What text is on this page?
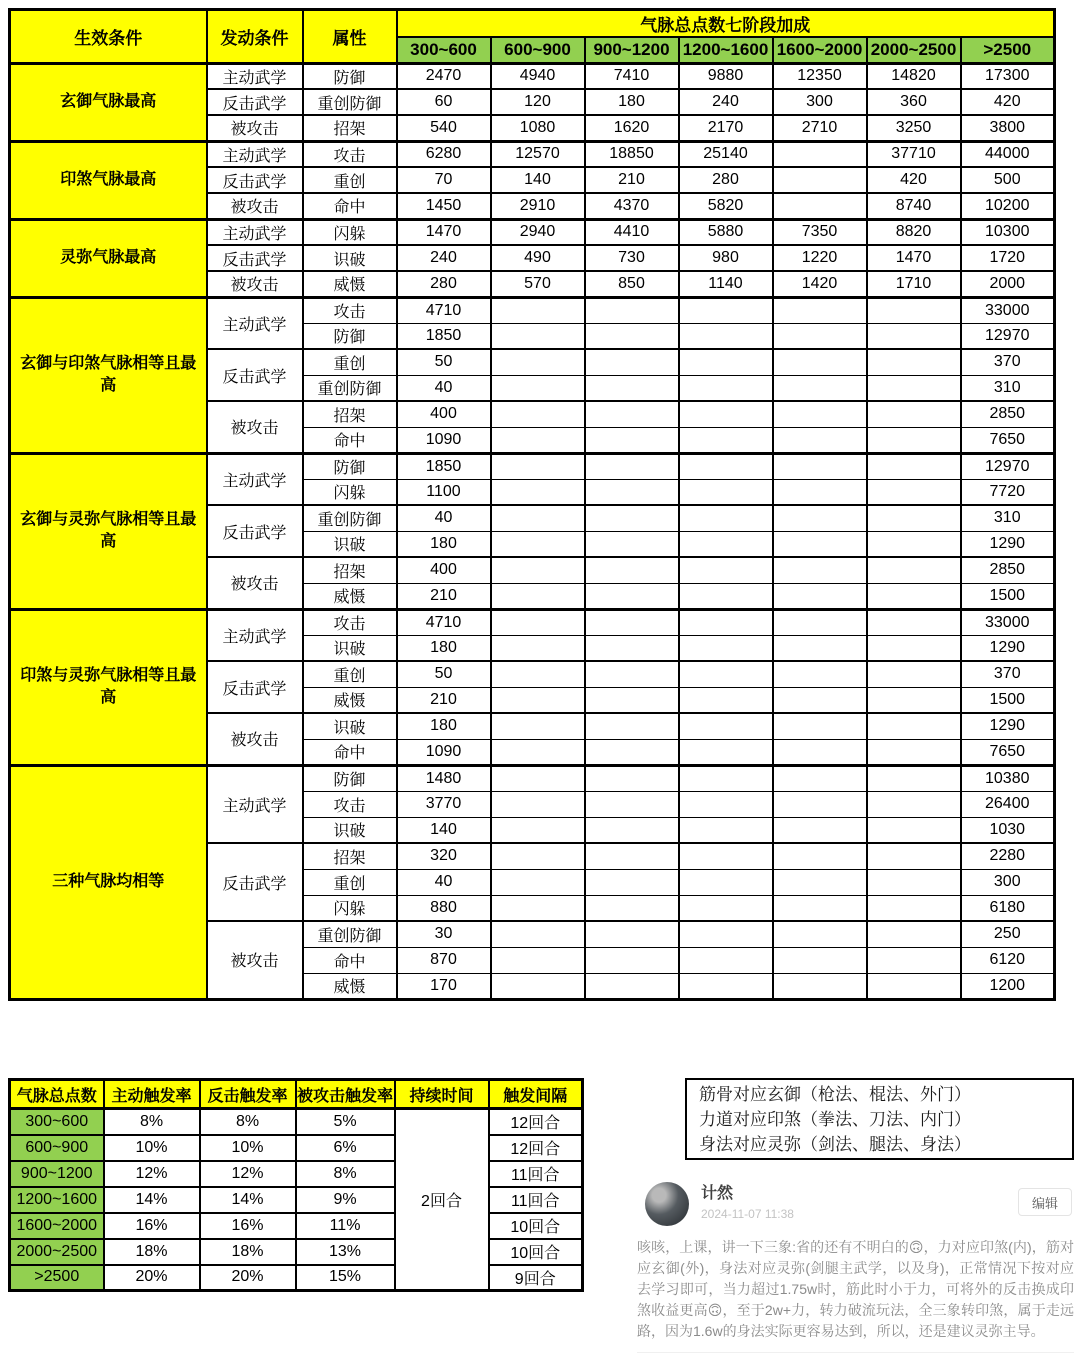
生效条件	发动条件	属性	气脉总点数七阶段加成						
			300~600	600~900	900~1200	1200~1600	1600~2000	2000~2500	>2500
玄御气脉最高	主动武学	防御	2470	4940	7410	9880	12350	14820	17300
	反击武学	重创防御	60	120	180	240	300	360	420
	被攻击	招架	540	1080	1620	2170	2710	3250	3800
印煞气脉最高	主动武学	攻击	6280	12570	18850	25140		37710	44000
	反击武学	重创	70	140	210	280		420	500
	被攻击	命中	1450	2910	4370	5820		8740	10200
灵弥气脉最高	主动武学	闪躲	1470	2940	4410	5880	7350	8820	10300
	反击武学	识破	240	490	730	980	1220	1470	1720
	被攻击	威慑	280	570	850	1140	1420	1710	2000
玄御与印煞气脉相等且最高	主动武学	攻击	4710						33000
		防御	1850						12970
	反击武学	重创	50						370
		重创防御	40						310
	被攻击	招架	400						2850
		命中	1090						7650
玄御与灵弥气脉相等且最高	主动武学	防御	1850						12970
		闪躲	1100						7720
	反击武学	重创防御	40						310
		识破	180						1290
	被攻击	招架	400						2850
		威慑	210						1500
印煞与灵弥气脉相等且最高	主动武学	攻击	4710						33000
		识破	180						1290
	反击武学	重创	50						370
		威慑	210						1500
	被攻击	识破	180						1290
		命中	1090						7650
三种气脉均相等	主动武学	防御	1480						10380
		攻击	3770						26400
		识破	140						1030
	反击武学	招架	320						2280
		重创	40						300
		闪躲	880						6180
	被攻击	重创防御	30						250
		命中	870						6120
		威慑	170						1200
气脉总点数	主动触发率	反击触发率	被攻击触发率	持续时间	触发间隔
300~600	8%	8%	5%	2回合	12回合
600~900	10%	10%	6%		12回合
900~1200	12%	12%	8%		11回合
1200~1600	14%	14%	9%		11回合
1600~2000	16%	16%	11%		10回合
2000~2500	18%	18%	13%		10回合
>2500	20%	20%	15%		9回合
筋骨对应玄御（枪法、棍法、外门）
力道对应印煞（拳法、刀法、内门）
身法对应灵弥（剑法、腿法、身法）
计然
2024-11-07 11:38
编辑
咳咳，上课，讲一下三象:省的还有不明白的🙃，力对应印煞(内)，筋对应玄御(外)，身法对应灵弥(剑腿主武学，以及身)，正常情况下按对应去学习即可，当力超过1.75w时，筋此时小于力，可将外的反击换成印煞收益更高🙃，至于2w+力，转力破流玩法，全三象转印煞，属于走远路，因为1.6w的身法实际更容易达到，所以，还是建议灵弥主导。
